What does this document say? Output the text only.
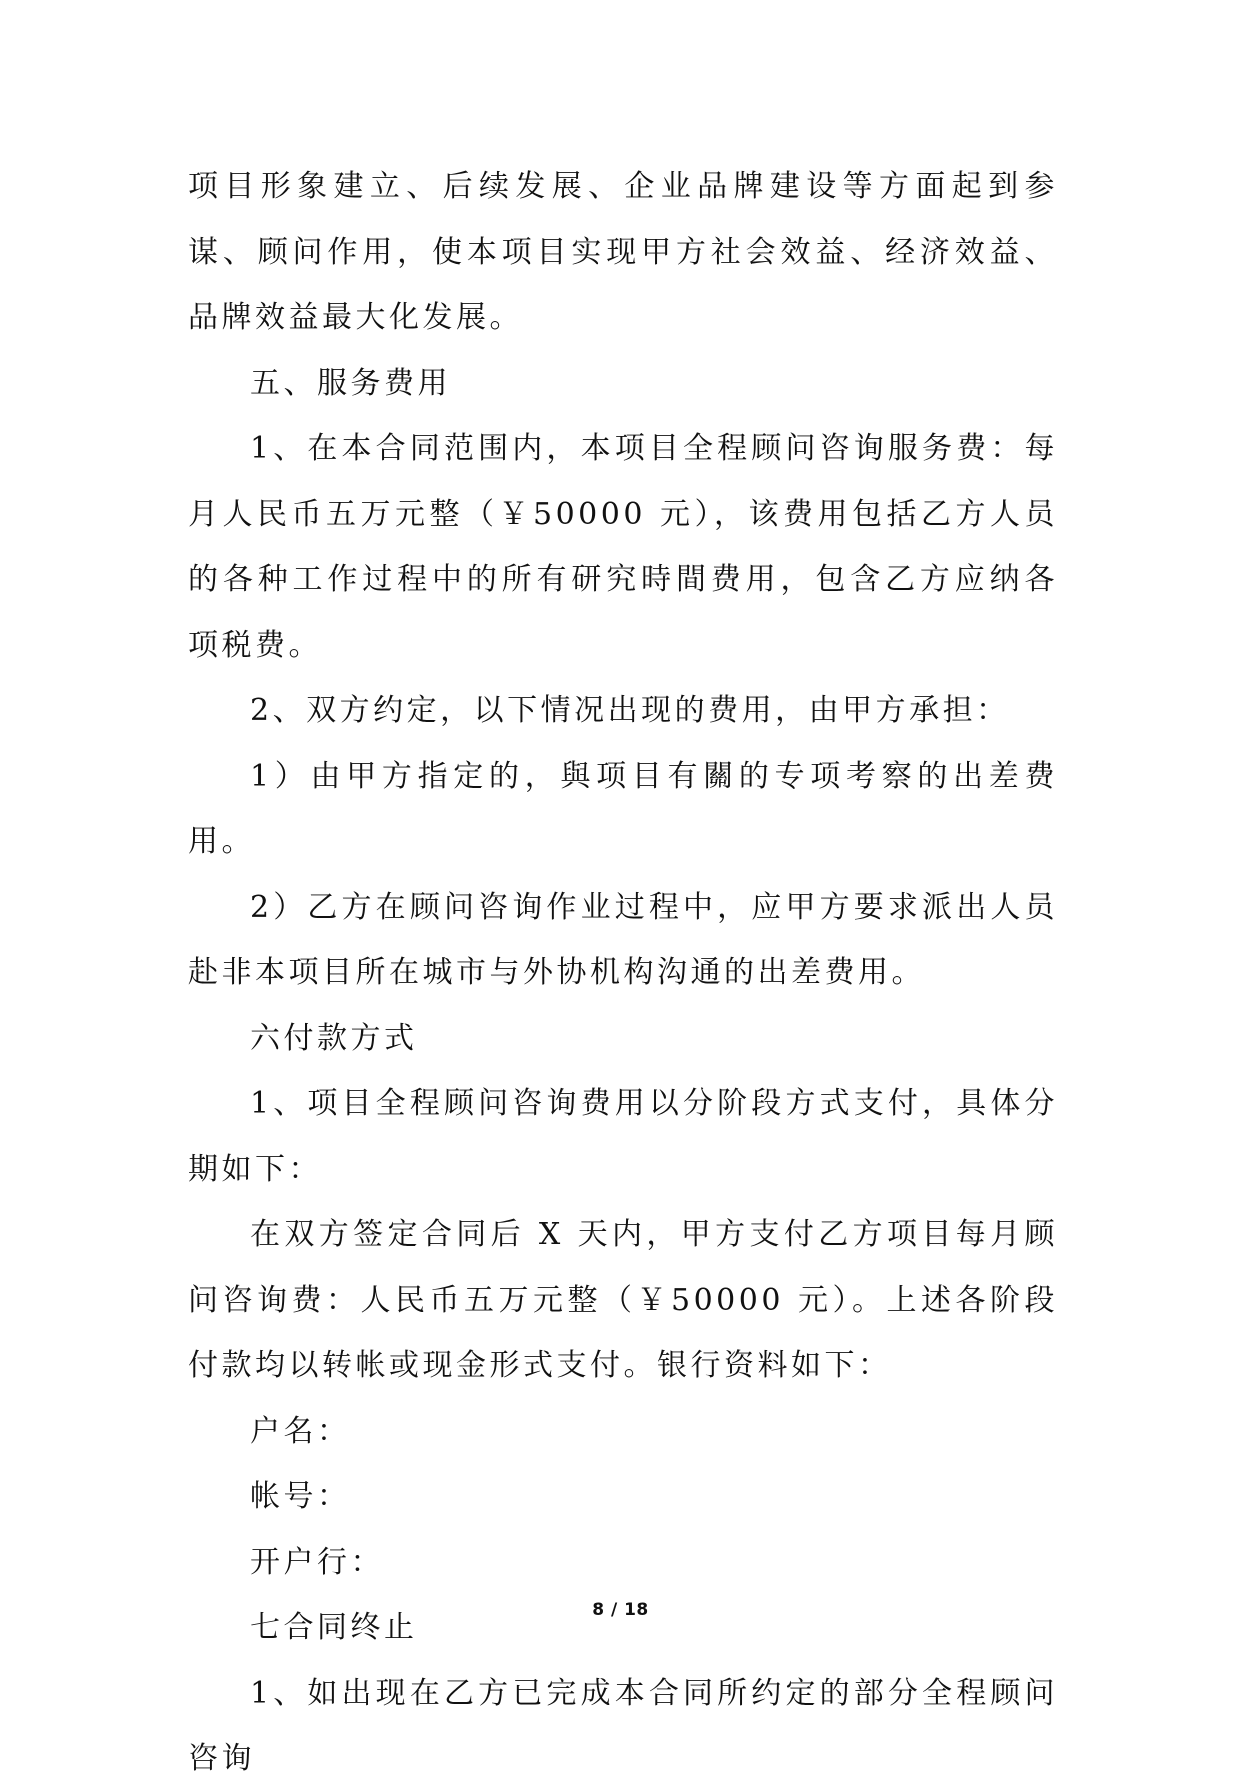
项目形象建立、后续发展、企业品牌建设等方面起到参谋、顾问作用，使本项目实现甲方社会效益、经济效益、品牌效益最大化发展。

五、服务费用

1、在本合同范围内，本项目全程顾问咨询服务费：每月人民币五万元整（￥50000 元），该费用包括乙方人员的各种工作过程中的所有研究時間费用，包含乙方应纳各项税费。

2、双方约定，以下情况出现的费用，由甲方承担：

1）由甲方指定的，與项目有關的专项考察的出差费用。

2）乙方在顾问咨询作业过程中，应甲方要求派出人员赴非本项目所在城市与外协机构沟通的出差费用。

六付款方式

1、项目全程顾问咨询费用以分阶段方式支付，具体分期如下：

在双方签定合同后 X 天内，甲方支付乙方项目每月顾问咨询费：人民币五万元整（￥50000 元）。上述各阶段付款均以转帐或现金形式支付。银行资料如下：

户名：

帐号：

开户行：

七合同终止

1、如出现在乙方已完成本合同所约定的部分全程顾问咨询

8 / 18
